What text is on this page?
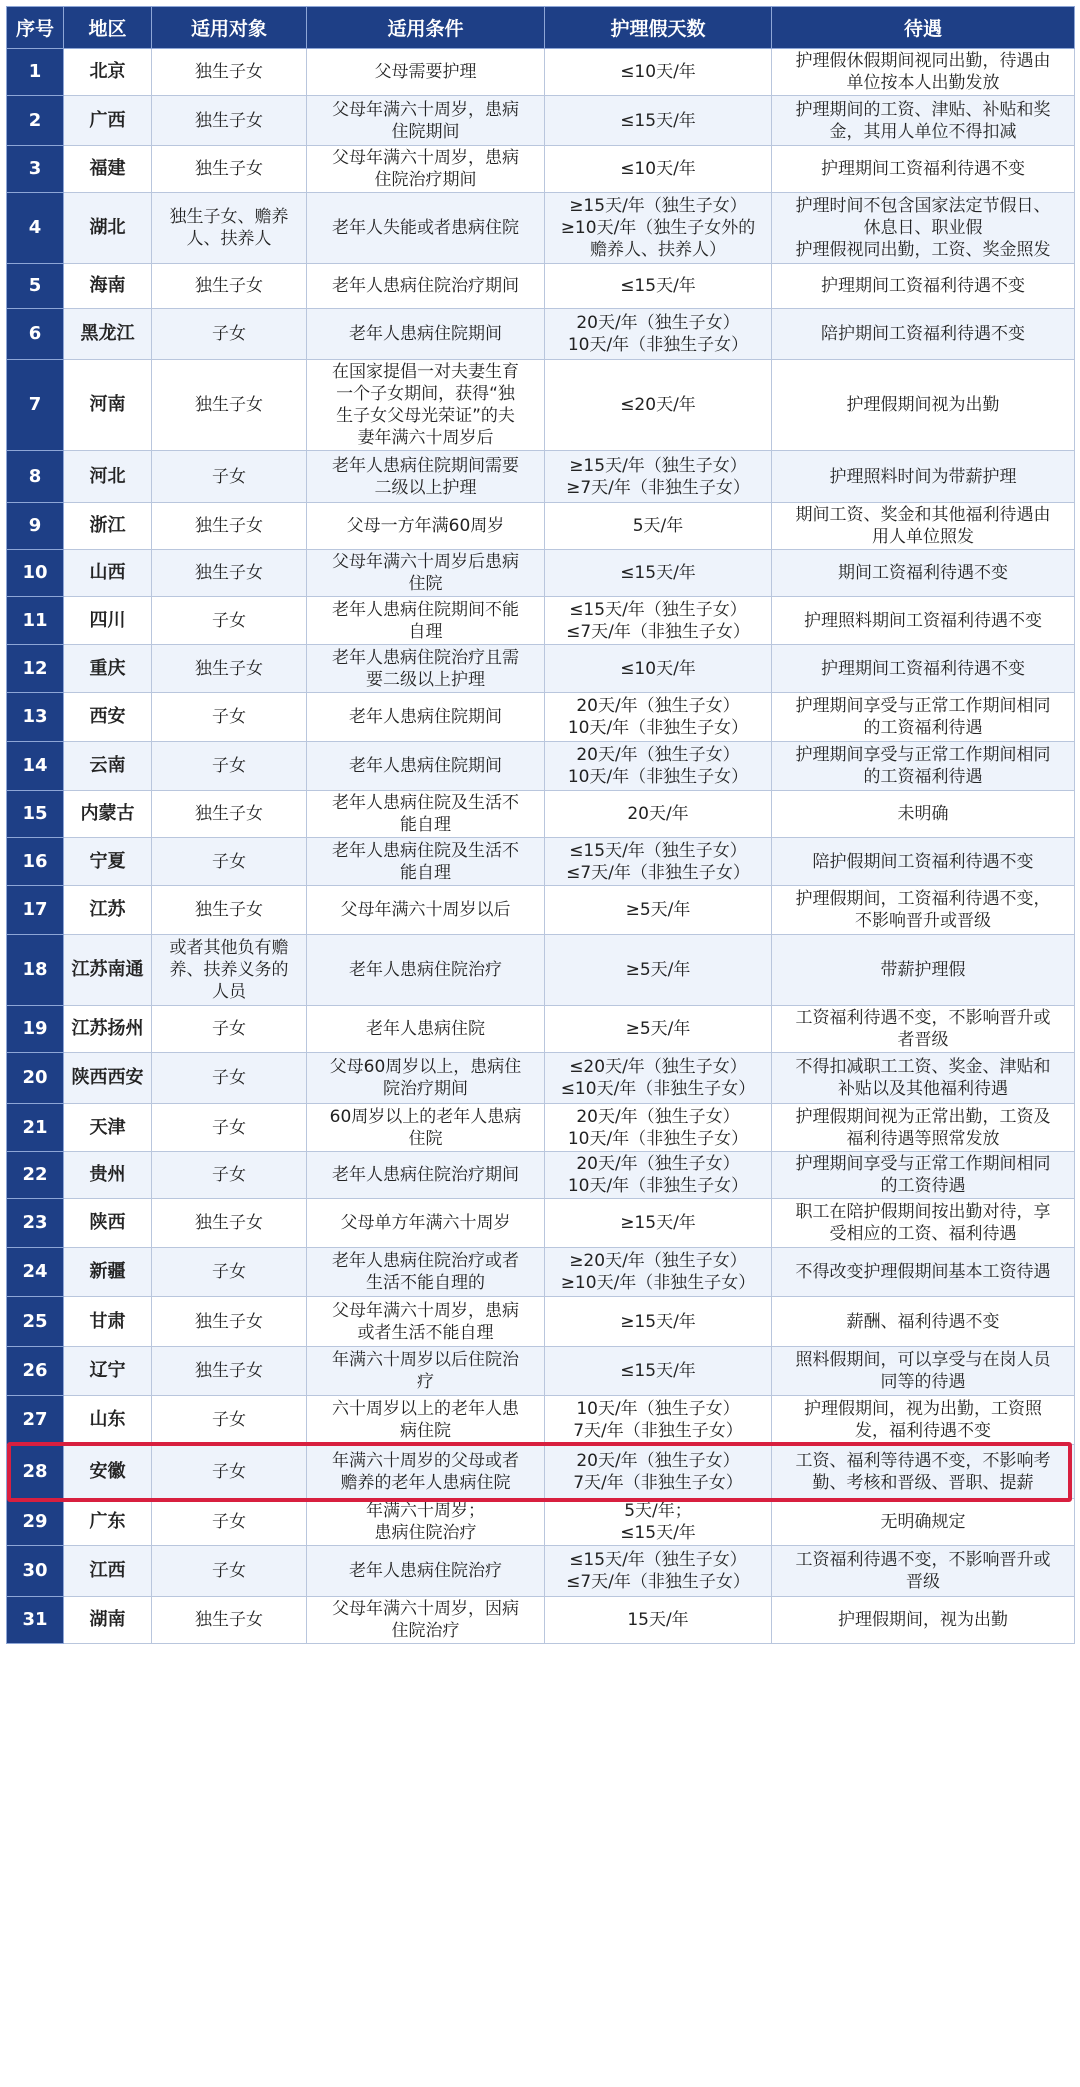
序号	地区	适用对象	适用条件	护理假天数	待遇
1	北京	独生子女	父母需要护理	≤10天/年	护理假休假期间视同出勤，待遇由
单位按本人出勤发放
2	广西	独生子女	父母年满六十周岁，患病
住院期间	≤15天/年	护理期间的工资、津贴、补贴和奖
金，其用人单位不得扣减
3	福建	独生子女	父母年满六十周岁，患病
住院治疗期间	≤10天/年	护理期间工资福利待遇不变
4	湖北	独生子女、赡养
人、扶养人	老年人失能或者患病住院	≥15天/年（独生子女）
≥10天/年（独生子女外的
赡养人、扶养人）	护理时间不包含国家法定节假日、
休息日、职业假
护理假视同出勤，工资、奖金照发
5	海南	独生子女	老年人患病住院治疗期间	≤15天/年	护理期间工资福利待遇不变
6	黑龙江	子女	老年人患病住院期间	20天/年（独生子女）
10天/年（非独生子女）	陪护期间工资福利待遇不变
7	河南	独生子女	在国家提倡一对夫妻生育
一个子女期间，获得“独
生子女父母光荣证”的夫
妻年满六十周岁后	≤20天/年	护理假期间视为出勤
8	河北	子女	老年人患病住院期间需要
二级以上护理	≥15天/年（独生子女）
≥7天/年（非独生子女）	护理照料时间为带薪护理
9	浙江	独生子女	父母一方年满60周岁	5天/年	期间工资、奖金和其他福利待遇由
用人单位照发
10	山西	独生子女	父母年满六十周岁后患病
住院	≤15天/年	期间工资福利待遇不变
11	四川	子女	老年人患病住院期间不能
自理	≤15天/年（独生子女）
≤7天/年（非独生子女）	护理照料期间工资福利待遇不变
12	重庆	独生子女	老年人患病住院治疗且需
要二级以上护理	≤10天/年	护理期间工资福利待遇不变
13	西安	子女	老年人患病住院期间	20天/年（独生子女）
10天/年（非独生子女）	护理期间享受与正常工作期间相同
的工资福利待遇
14	云南	子女	老年人患病住院期间	20天/年（独生子女）
10天/年（非独生子女）	护理期间享受与正常工作期间相同
的工资福利待遇
15	内蒙古	独生子女	老年人患病住院及生活不
能自理	20天/年	未明确
16	宁夏	子女	老年人患病住院及生活不
能自理	≤15天/年（独生子女）
≤7天/年（非独生子女）	陪护假期间工资福利待遇不变
17	江苏	独生子女	父母年满六十周岁以后	≥5天/年	护理假期间，工资福利待遇不变，
不影响晋升或晋级
18	江苏南通	或者其他负有赡
养、扶养义务的
人员	老年人患病住院治疗	≥5天/年	带薪护理假
19	江苏扬州	子女	老年人患病住院	≥5天/年	工资福利待遇不变，不影响晋升或
者晋级
20	陕西西安	子女	父母60周岁以上，患病住
院治疗期间	≤20天/年（独生子女）
≤10天/年（非独生子女）	不得扣减职工工资、奖金、津贴和
补贴以及其他福利待遇
21	天津	子女	60周岁以上的老年人患病
住院	20天/年（独生子女）
10天/年（非独生子女）	护理假期间视为正常出勤，工资及
福利待遇等照常发放
22	贵州	子女	老年人患病住院治疗期间	20天/年（独生子女）
10天/年（非独生子女）	护理期间享受与正常工作期间相同
的工资待遇
23	陕西	独生子女	父母单方年满六十周岁	≥15天/年	职工在陪护假期间按出勤对待，享
受相应的工资、福利待遇
24	新疆	子女	老年人患病住院治疗或者
生活不能自理的	≥20天/年（独生子女）
≥10天/年（非独生子女）	不得改变护理假期间基本工资待遇
25	甘肃	独生子女	父母年满六十周岁，患病
或者生活不能自理	≥15天/年	薪酬、福利待遇不变
26	辽宁	独生子女	年满六十周岁以后住院治
疗	≤15天/年	照料假期间，可以享受与在岗人员
同等的待遇
27	山东	子女	六十周岁以上的老年人患
病住院	10天/年（独生子女）
7天/年（非独生子女）	护理假期间，视为出勤，工资照
发，福利待遇不变
28	安徽	子女	年满六十周岁的父母或者
赡养的老年人患病住院	20天/年（独生子女）
7天/年（非独生子女）	工资、福利等待遇不变，不影响考
勤、考核和晋级、晋职、提薪
29	广东	子女	年满六十周岁；
患病住院治疗	5天/年；
≤15天/年	无明确规定
30	江西	子女	老年人患病住院治疗	≤15天/年（独生子女）
≤7天/年（非独生子女）	工资福利待遇不变，不影响晋升或
晋级
31	湖南	独生子女	父母年满六十周岁，因病
住院治疗	15天/年	护理假期间，视为出勤
